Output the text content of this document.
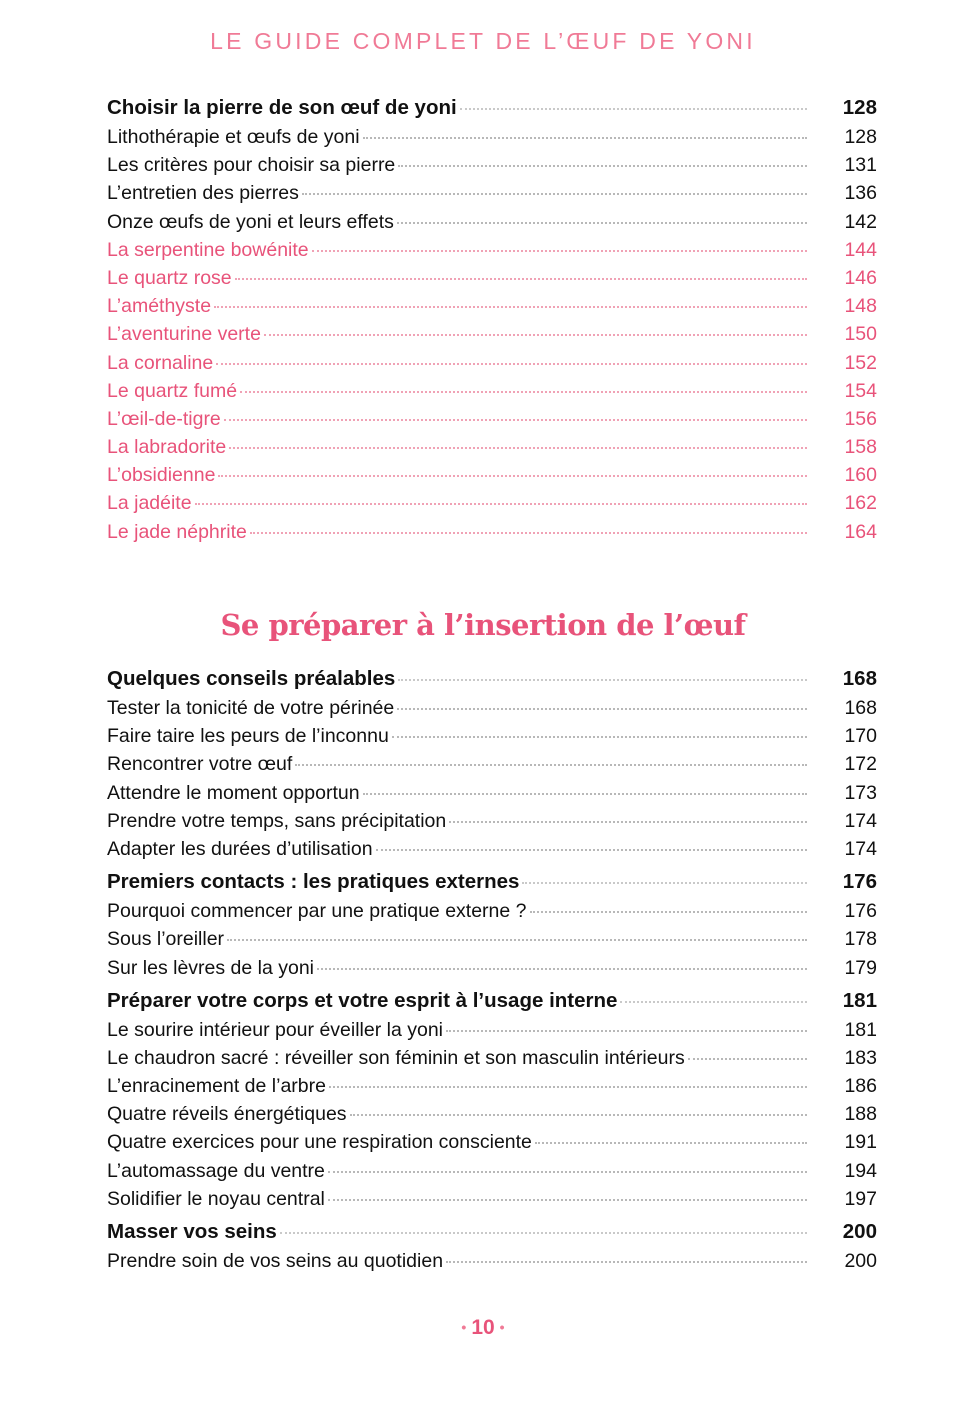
LE GUIDE COMPLET DE L’ŒUF DE YONI
Choisir la pierre de son œuf de yoni	128
Lithothérapie et œufs de yoni	128
Les critères pour choisir sa pierre	131
L’entretien des pierres	136
Onze œufs de yoni et leurs effets	142
La serpentine bowénite	144
Le quartz rose	146
L’améthyste	148
L’aventurine verte	150
La cornaline	152
Le quartz fumé	154
L’œil-de-tigre	156
La labradorite	158
L’obsidienne	160
La jadéite	162
Le jade néphrite	164
Se préparer à l’insertion de l’œuf
Quelques conseils préalables	168
Tester la tonicité de votre périnée	168
Faire taire les peurs de l’inconnu	170
Rencontrer votre œuf	172
Attendre le moment opportun	173
Prendre votre temps, sans précipitation	174
Adapter les durées d’utilisation	174
Premiers contacts : les pratiques externes	176
Pourquoi commencer par une pratique externe ?	176
Sous l’oreiller	178
Sur les lèvres de la yoni	179
Préparer votre corps et votre esprit à l’usage interne	181
Le sourire intérieur pour éveiller la yoni	181
Le chaudron sacré : réveiller son féminin et son masculin intérieurs	183
L’enracinement de l’arbre	186
Quatre réveils énergétiques	188
Quatre exercices pour une respiration consciente	191
L’automassage du ventre	194
Solidifier le noyau central	197
Masser vos seins	200
Prendre soin de vos seins au quotidien	200
• 10 •
